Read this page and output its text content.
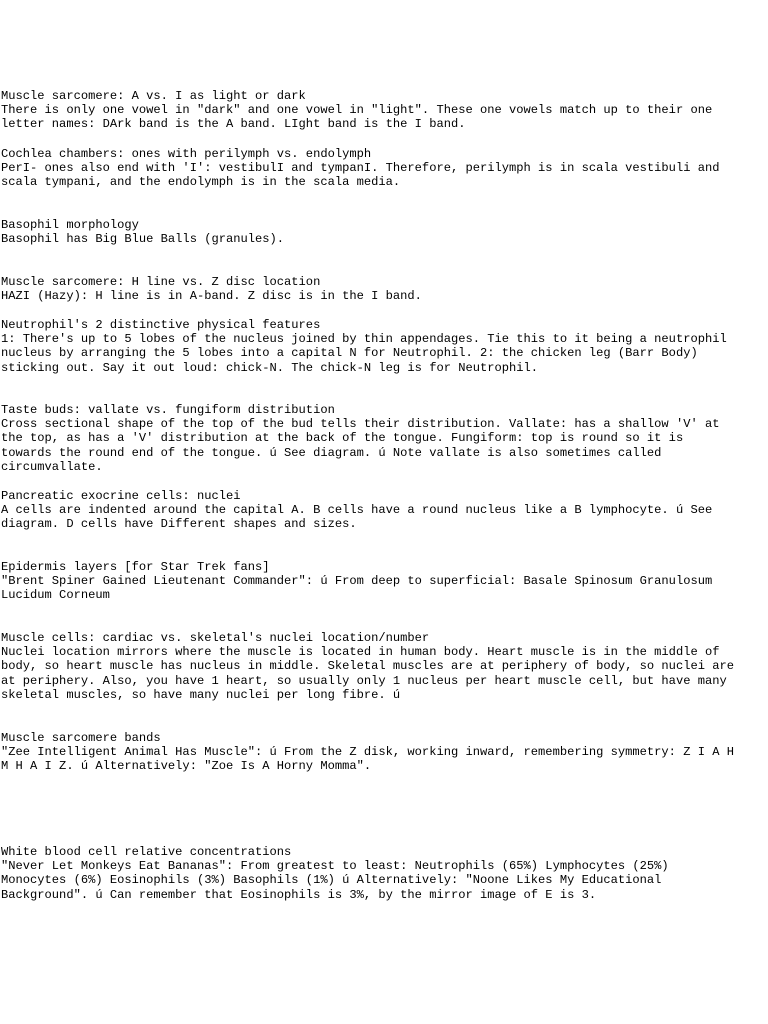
Muscle sarcomere: A vs. I as light or dark
There is only one vowel in "dark" and one vowel in "light". These one vowels match up to their one
letter names: DArk band is the A band. LIght band is the I band.
Cochlea chambers: ones with perilymph vs. endolymph
PerI- ones also end with 'I': vestibulI and tympanI. Therefore, perilymph is in scala vestibuli and
scala tympani, and the endolymph is in the scala media.
Basophil morphology
Basophil has Big Blue Balls (granules).
Muscle sarcomere: H line vs. Z disc location
HAZI (Hazy): H line is in A-band. Z disc is in the I band.
Neutrophil's 2 distinctive physical features
1: There's up to 5 lobes of the nucleus joined by thin appendages. Tie this to it being a neutrophil
nucleus by arranging the 5 lobes into a capital N for Neutrophil. 2: the chicken leg (Barr Body)
sticking out. Say it out loud: chick-N. The chick-N leg is for Neutrophil.
Taste buds: vallate vs. fungiform distribution
Cross sectional shape of the top of the bud tells their distribution. Vallate: has a shallow 'V' at
the top, as has a 'V' distribution at the back of the tongue. Fungiform: top is round so it is
towards the round end of the tongue. ú See diagram. ú Note vallate is also sometimes called
circumvallate.
Pancreatic exocrine cells: nuclei
A cells are indented around the capital A. B cells have a round nucleus like a B lymphocyte. ú See
diagram. D cells have Different shapes and sizes.
Epidermis layers [for Star Trek fans]
"Brent Spiner Gained Lieutenant Commander": ú From deep to superficial: Basale Spinosum Granulosum
Lucidum Corneum
Muscle cells: cardiac vs. skeletal's nuclei location/number
Nuclei location mirrors where the muscle is located in human body. Heart muscle is in the middle of
body, so heart muscle has nucleus in middle. Skeletal muscles are at periphery of body, so nuclei are
at periphery. Also, you have 1 heart, so usually only 1 nucleus per heart muscle cell, but have many
skeletal muscles, so have many nuclei per long fibre. ú
Muscle sarcomere bands
"Zee Intelligent Animal Has Muscle": ú From the Z disk, working inward, remembering symmetry: Z I A H
M H A I Z. ú Alternatively: "Zoe Is A Horny Momma".
White blood cell relative concentrations
"Never Let Monkeys Eat Bananas": From greatest to least: Neutrophils (65%) Lymphocytes (25%)
Monocytes (6%) Eosinophils (3%) Basophils (1%) ú Alternatively: "Noone Likes My Educational
Background". ú Can remember that Eosinophils is 3%, by the mirror image of E is 3.
